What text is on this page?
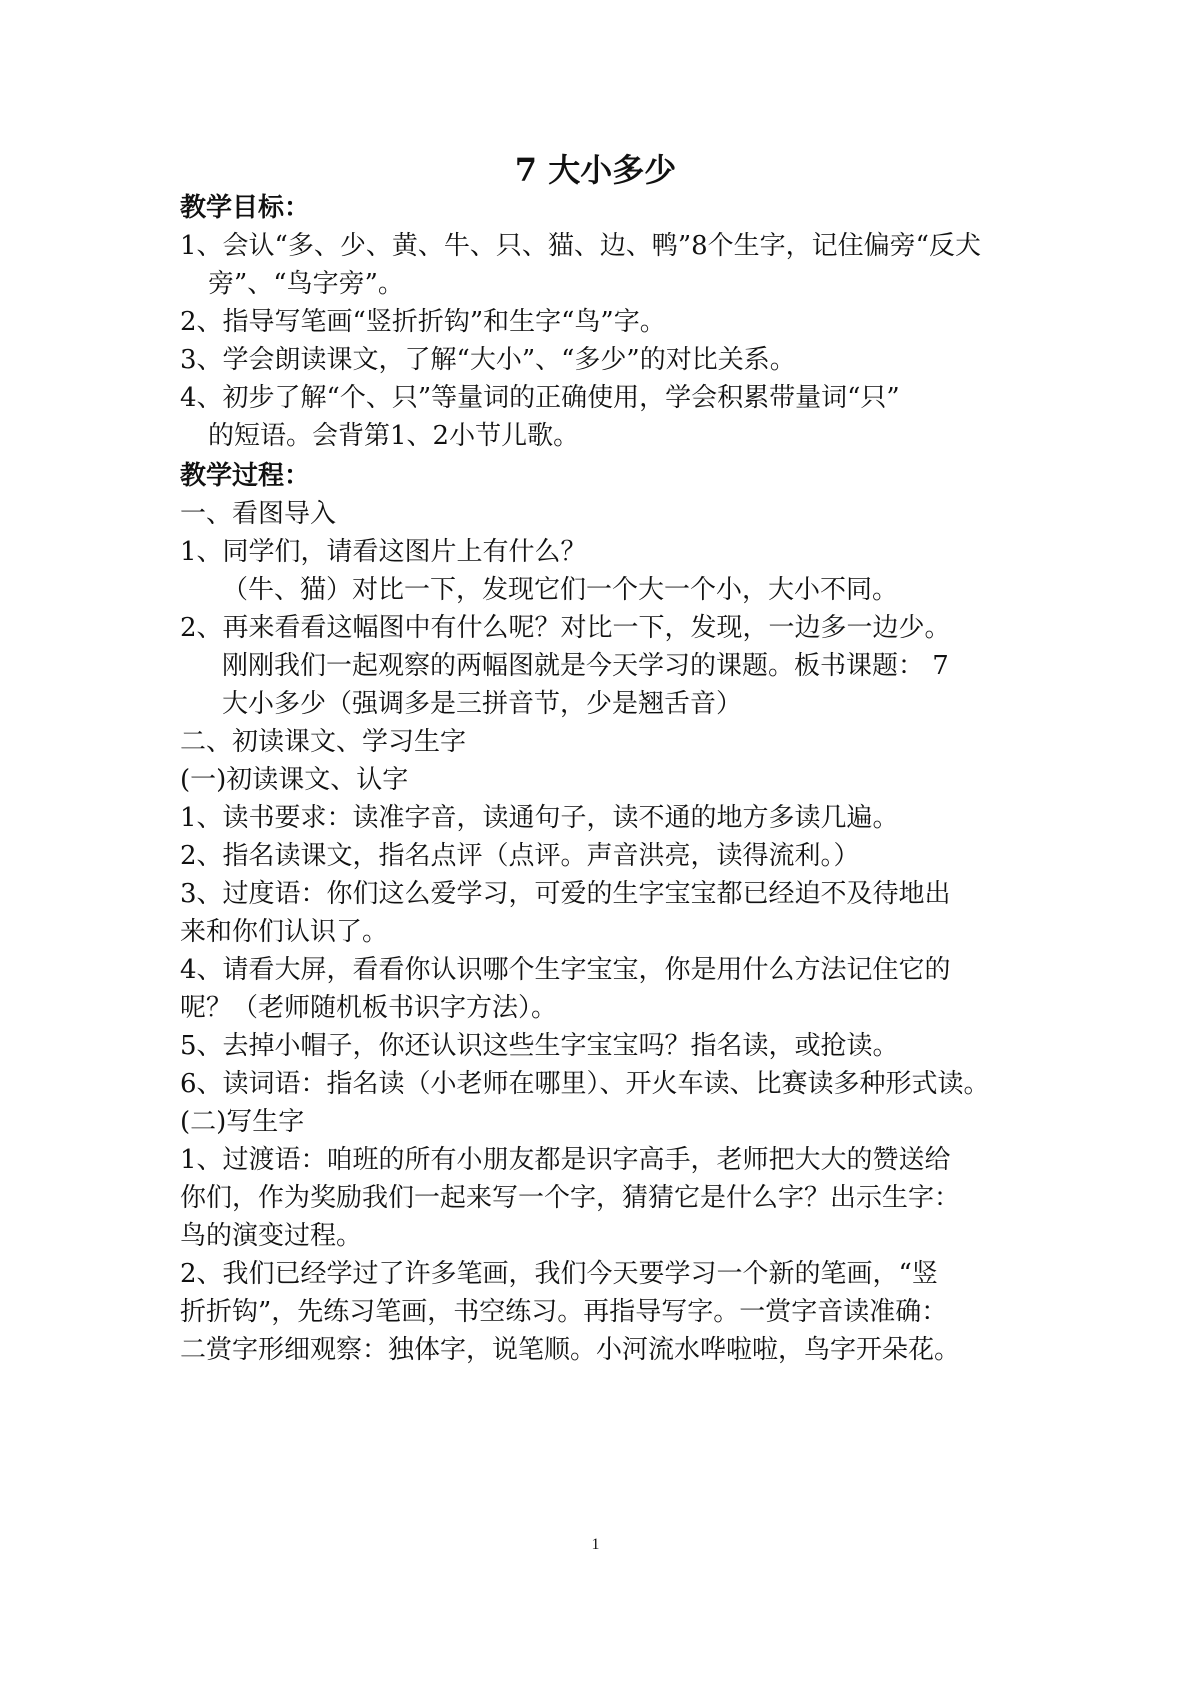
7 大小多少
教学目标：
1、会认“多、少、黄、牛、只、猫、边、鸭”8个生字，记住偏旁“反犬
旁”、“鸟字旁”。
2、指导写笔画“竖折折钩”和生字“鸟”字。
3、学会朗读课文，了解“大小”、“多少”的对比关系。
4、初步了解“个、只”等量词的正确使用，学会积累带量词“只”
的短语。会背第1、2小节儿歌。
教学过程：
一、看图导入
1、同学们，请看这图片上有什么？
（牛、猫）对比一下，发现它们一个大一个小，大小不同。
2、再来看看这幅图中有什么呢？对比一下，发现，一边多一边少。
刚刚我们一起观察的两幅图就是今天学习的课题。板书课题： 7
大小多少（强调多是三拼音节，少是翘舌音）
二、初读课文、学习生字
(一)初读课文、认字
1、读书要求：读准字音，读通句子，读不通的地方多读几遍。
2、指名读课文，指名点评（点评。声音洪亮，读得流利。）
3、过度语：你们这么爱学习，可爱的生字宝宝都已经迫不及待地出
来和你们认识了。
4、请看大屏，看看你认识哪个生字宝宝，你是用什么方法记住它的
呢？（老师随机板书识字方法）。
5、去掉小帽子，你还认识这些生字宝宝吗？指名读，或抢读。
6、读词语：指名读（小老师在哪里）、开火车读、比赛读多种形式读。
(二)写生字
1、过渡语：咱班的所有小朋友都是识字高手，老师把大大的赞送给
你们，作为奖励我们一起来写一个字，猜猜它是什么字？出示生字：
鸟的演变过程。
2、我们已经学过了许多笔画，我们今天要学习一个新的笔画，“竖
折折钩”，先练习笔画，书空练习。再指导写字。一赏字音读准确：
二赏字形细观察：独体字，说笔顺。小河流水哗啦啦，鸟字开朵花。
1
